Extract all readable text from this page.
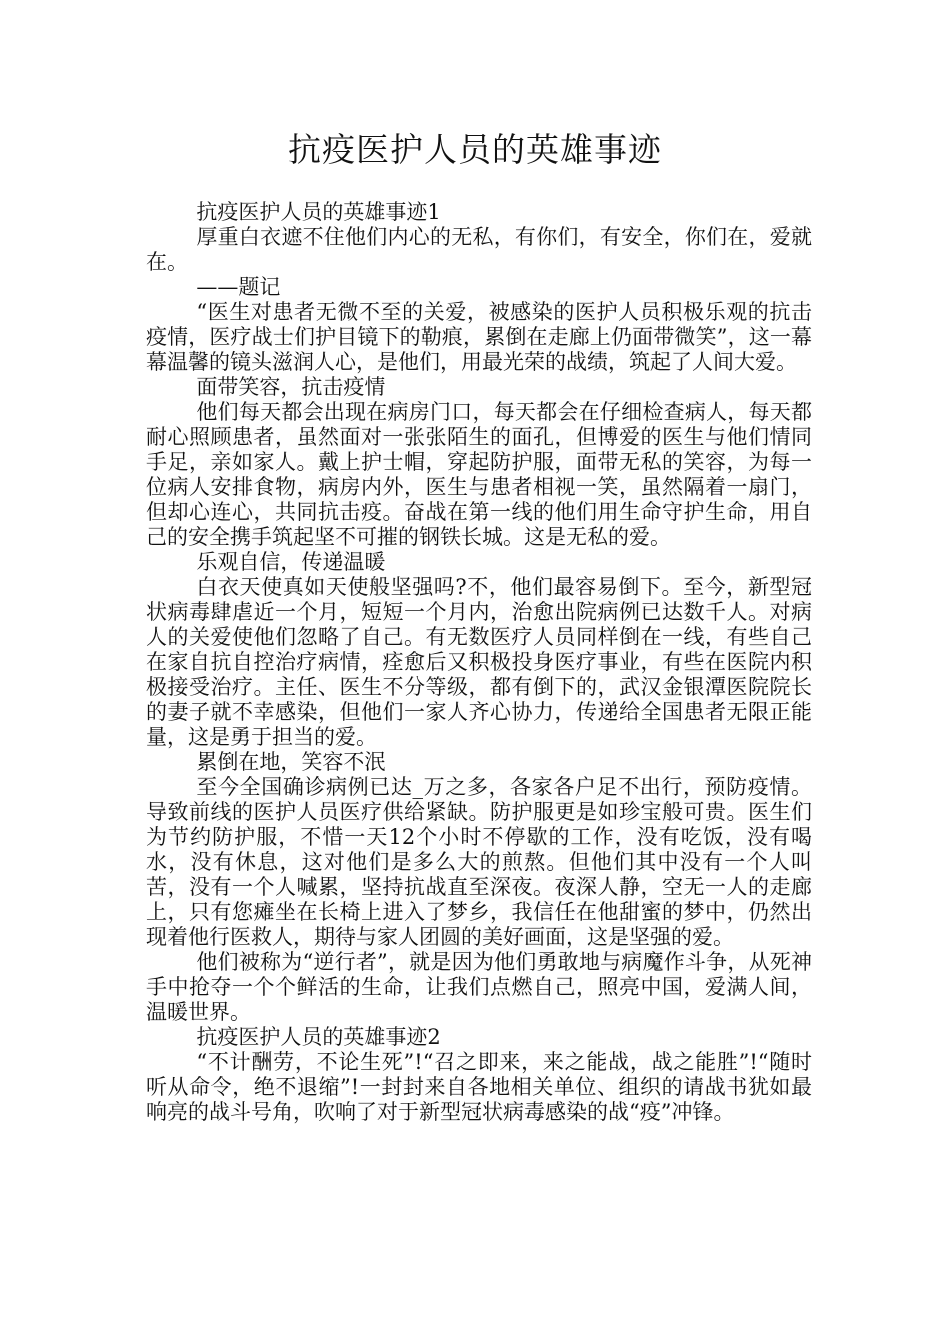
抗疫医护人员的英雄事迹

抗疫医护人员的英雄事迹1

厚重白衣遮不住他们内心的无私，有你们，有安全，你们在，爱就在。

——题记

“医生对患者无微不至的关爱，被感染的医护人员积极乐观的抗击疫情，医疗战士们护目镜下的勒痕，累倒在走廊上仍面带微笑”，这一幕幕温馨的镜头滋润人心，是他们，用最光荣的战绩，筑起了人间大爱。

面带笑容，抗击疫情

他们每天都会出现在病房门口，每天都会在仔细检查病人，每天都耐心照顾患者，虽然面对一张张陌生的面孔，但博爱的医生与他们情同手足，亲如家人。戴上护士帽，穿起防护服，面带无私的笑容，为每一位病人安排食物，病房内外，医生与患者相视一笑，虽然隔着一扇门，但却心连心，共同抗击疫。奋战在第一线的他们用生命守护生命，用自己的安全携手筑起坚不可摧的钢铁长城。这是无私的爱。

乐观自信，传递温暖

白衣天使真如天使般坚强吗?不，他们最容易倒下。至今，新型冠状病毒肆虐近一个月，短短一个月内，治愈出院病例已达数千人。对病人的关爱使他们忽略了自己。有无数医疗人员同样倒在一线，有些自己在家自抗自控治疗病情，痊愈后又积极投身医疗事业，有些在医院内积极接受治疗。主任、医生不分等级，都有倒下的，武汉金银潭医院院长的妻子就不幸感染，但他们一家人齐心协力，传递给全国患者无限正能量，这是勇于担当的爱。

累倒在地，笑容不泯

至今全国确诊病例已达_万之多，各家各户足不出行，预防疫情。导致前线的医护人员医疗供给紧缺。防护服更是如珍宝般可贵。医生们为节约防护服，不惜一天12个小时不停歇的工作，没有吃饭，没有喝水，没有休息，这对他们是多么大的煎熬。但他们其中没有一个人叫苦，没有一个人喊累，坚持抗战直至深夜。夜深人静，空无一人的走廊上，只有您瘫坐在长椅上进入了梦乡，我信任在他甜蜜的梦中，仍然出现着他行医救人，期待与家人团圆的美好画面，这是坚强的爱。

他们被称为“逆行者”，就是因为他们勇敢地与病魔作斗争，从死神手中抢夺一个个鲜活的生命，让我们点燃自己，照亮中国，爱满人间，温暖世界。

抗疫医护人员的英雄事迹2

“不计酬劳，不论生死”!“召之即来，来之能战，战之能胜”!“随时听从命令，绝不退缩”!一封封来自各地相关单位、组织的请战书犹如最响亮的战斗号角，吹响了对于新型冠状病毒感染的战“疫”冲锋。
